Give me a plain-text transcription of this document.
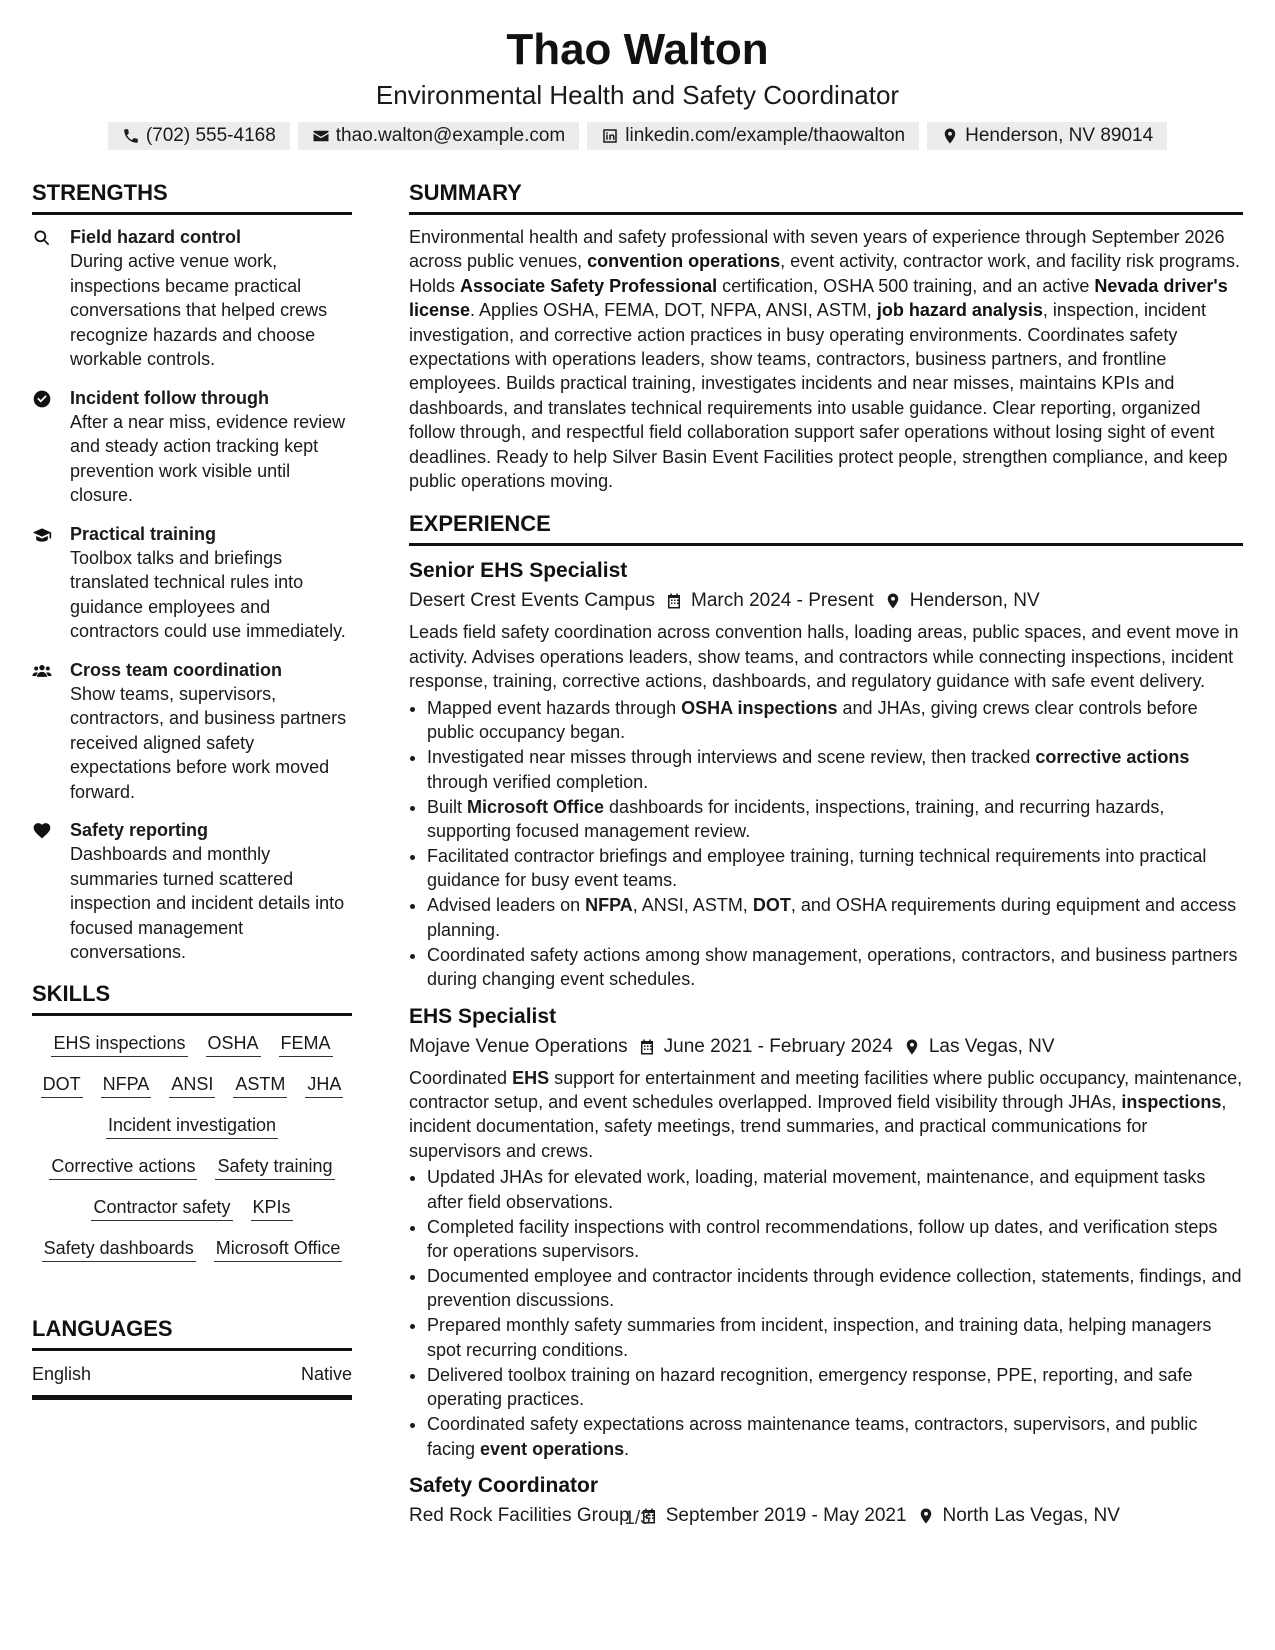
Thao Walton
Environmental Health and Safety Coordinator
(702) 555-4168	thao.walton@example.com	linkedin.com/example/thaowalton	Henderson, NV 89014
STRENGTHS
Field hazard control
During active venue work, inspections became practical conversations that helped crews recognize hazards and choose workable controls.
Incident follow through
After a near miss, evidence review and steady action tracking kept prevention work visible until closure.
Practical training
Toolbox talks and briefings translated technical rules into guidance employees and contractors could use immediately.
Cross team coordination
Show teams, supervisors, contractors, and business partners received aligned safety expectations before work moved forward.
Safety reporting
Dashboards and monthly summaries turned scattered inspection and incident details into focused management conversations.
SKILLS
EHS inspections OSHA FEMA
DOT NFPA ANSI ASTM JHA
Incident investigation
Corrective actions Safety training
Contractor safety KPIs
Safety dashboards Microsoft Office
LANGUAGES
English	Native
SUMMARY
Environmental health and safety professional with seven years of experience through September 2026 across public venues, convention operations, event activity, contractor work, and facility risk programs. Holds Associate Safety Professional certification, OSHA 500 training, and an active Nevada driver's license. Applies OSHA, FEMA, DOT, NFPA, ANSI, ASTM, job hazard analysis, inspection, incident investigation, and corrective action practices in busy operating environments. Coordinates safety expectations with operations leaders, show teams, contractors, business partners, and frontline employees. Builds practical training, investigates incidents and near misses, maintains KPIs and dashboards, and translates technical requirements into usable guidance. Clear reporting, organized follow through, and respectful field collaboration support safer operations without losing sight of event deadlines. Ready to help Silver Basin Event Facilities protect people, strengthen compliance, and keep public operations moving.
EXPERIENCE
Senior EHS Specialist
Desert Crest Events Campus March 2024 - Present Henderson, NV
Leads field safety coordination across convention halls, loading areas, public spaces, and event move in activity. Advises operations leaders, show teams, and contractors while connecting inspections, incident response, training, corrective actions, dashboards, and regulatory guidance with safe event delivery.
• Mapped event hazards through OSHA inspections and JHAs, giving crews clear controls before public occupancy began.
• Investigated near misses through interviews and scene review, then tracked corrective actions through verified completion.
• Built Microsoft Office dashboards for incidents, inspections, training, and recurring hazards, supporting focused management review.
• Facilitated contractor briefings and employee training, turning technical requirements into practical guidance for busy event teams.
• Advised leaders on NFPA, ANSI, ASTM, DOT, and OSHA requirements during equipment and access planning.
• Coordinated safety actions among show management, operations, contractors, and business partners during changing event schedules.
EHS Specialist
Mojave Venue Operations June 2021 - February 2024 Las Vegas, NV
Coordinated EHS support for entertainment and meeting facilities where public occupancy, maintenance, contractor setup, and event schedules overlapped. Improved field visibility through JHAs, inspections, incident documentation, safety meetings, trend summaries, and practical communications for supervisors and crews.
• Updated JHAs for elevated work, loading, material movement, maintenance, and equipment tasks after field observations.
• Completed facility inspections with control recommendations, follow up dates, and verification steps for operations supervisors.
• Documented employee and contractor incidents through evidence collection, statements, findings, and prevention discussions.
• Prepared monthly safety summaries from incident, inspection, and training data, helping managers spot recurring conditions.
• Delivered toolbox training on hazard recognition, emergency response, PPE, reporting, and safe operating practices.
• Coordinated safety expectations across maintenance teams, contractors, supervisors, and public facing event operations.
Safety Coordinator
Red Rock Facilities Group September 2019 - May 2021 North Las Vegas, NV
1/3
